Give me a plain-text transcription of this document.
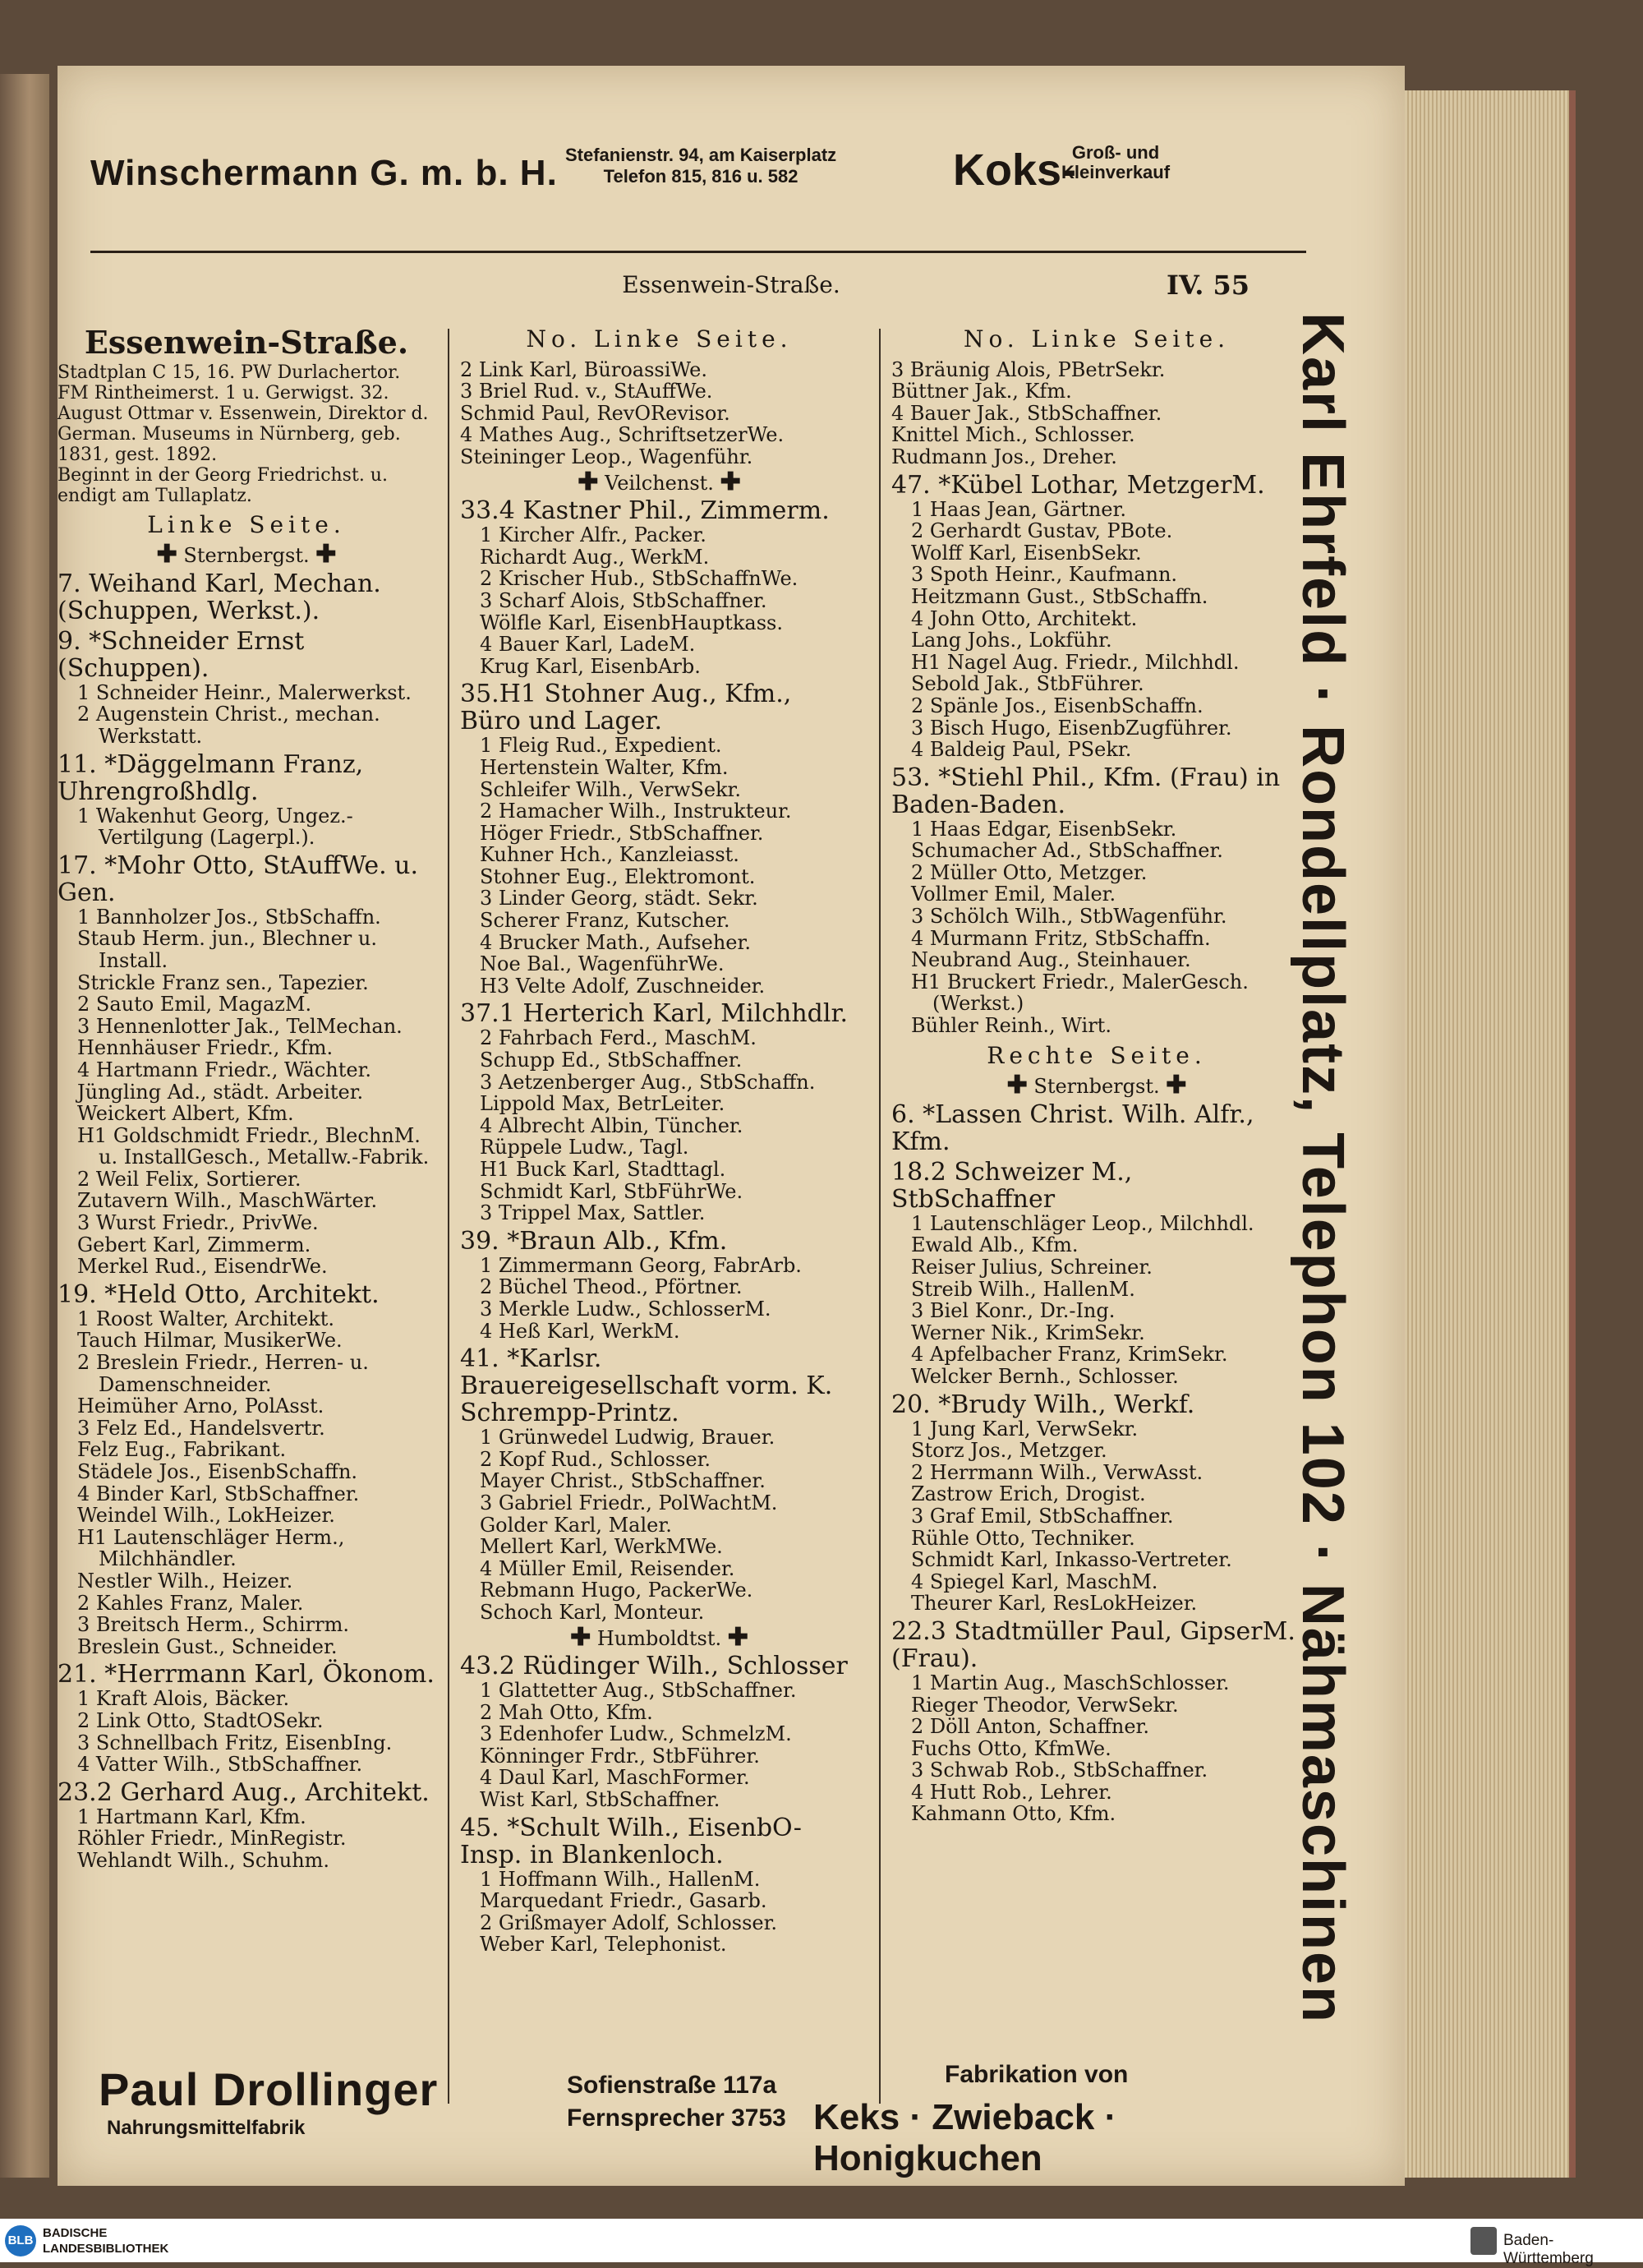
Winschermann G. m. b. H. Stefanienstr. 94, am Kaiserplatz
Telefon 815, 816 u. 582	Koks-
Groß- und
Kleinverkauf
Essenwein-Straße.	IV. 55
Essenwein-Straße.
Stadtplan C 15, 16. PW Durlachertor. FM Rintheimerst. 1 u. Gerwigst. 32.
August Ottmar v. Essenwein, Direktor d. German. Museums in Nürnberg, geb. 1831, gest. 1892.
Beginnt in der Georg Friedrichst. u. endigt am Tullaplatz.
Linke Seite.
✚ Sternbergst. ✚
7. Weihand Karl, Mechan. (Schuppen, Werkst.).
9. *Schneider Ernst (Schuppen).
1 Schneider Heinr., Malerwerkst.
2 Augenstein Christ., mechan. Werkstatt.
11. *Däggelmann Franz, Uhrengroßhdlg.
1 Wakenhut Georg, Ungez.-Vertilgung (Lagerpl.).
17. *Mohr Otto, StAuffWe. u. Gen.
1 Bannholzer Jos., StbSchaffn.
Staub Herm. jun., Blechner u. Install.
Strickle Franz sen., Tapezier.
2 Sauto Emil, MagazM.
3 Hennenlotter Jak., TelMechan.
Hennhäuser Friedr., Kfm.
4 Hartmann Friedr., Wächter.
Jüngling Ad., städt. Arbeiter.
Weickert Albert, Kfm.
H1 Goldschmidt Friedr., BlechnM. u. InstallGesch., Metallw.-Fabrik.
2 Weil Felix, Sortierer.
Zutavern Wilh., MaschWärter.
3 Wurst Friedr., PrivWe.
Gebert Karl, Zimmerm.
Merkel Rud., EisendrWe.
19. *Held Otto, Architekt.
1 Roost Walter, Architekt.
Tauch Hilmar, MusikerWe.
2 Breslein Friedr., Herren- u. Damenschneider.
Heimüher Arno, PolAsst.
3 Felz Ed., Handelsvertr.
Felz Eug., Fabrikant.
Städele Jos., EisenbSchaffn.
4 Binder Karl, StbSchaffner.
Weindel Wilh., LokHeizer.
H1 Lautenschläger Herm., Milchhändler.
Nestler Wilh., Heizer.
2 Kahles Franz, Maler.
3 Breitsch Herm., Schirrm.
Breslein Gust., Schneider.
21. *Herrmann Karl, Ökonom.
1 Kraft Alois, Bäcker.
2 Link Otto, StadtOSekr.
3 Schnellbach Fritz, EisenbIng.
4 Vatter Wilh., StbSchaffner.
23.2 Gerhard Aug., Architekt.
1 Hartmann Karl, Kfm.
Röhler Friedr., MinRegistr.
Wehlandt Wilh., Schuhm.
No. Linke Seite.
2 Link Karl, BüroassiWe.
3 Briel Rud. v., StAuffWe.
Schmid Paul, RevORevisor.
4 Mathes Aug., SchriftsetzerWe.
Steininger Leop., Wagenführ.
✚ Veilchenst. ✚
33.4 Kastner Phil., Zimmerm.
1 Kircher Alfr., Packer.
Richardt Aug., WerkM.
2 Krischer Hub., StbSchaffnWe.
3 Scharf Alois, StbSchaffner.
Wölfle Karl, EisenbHauptkass.
4 Bauer Karl, LadeM.
Krug Karl, EisenbArb.
35.H1 Stohner Aug., Kfm., Büro und Lager.
1 Fleig Rud., Expedient.
Hertenstein Walter, Kfm.
Schleifer Wilh., VerwSekr.
2 Hamacher Wilh., Instrukteur.
Höger Friedr., StbSchaffner.
Kuhner Hch., Kanzleiasst.
Stohner Eug., Elektromont.
3 Linder Georg, städt. Sekr.
Scherer Franz, Kutscher.
4 Brucker Math., Aufseher.
Noe Bal., WagenführWe.
H3 Velte Adolf, Zuschneider.
37.1 Herterich Karl, Milchhdlr.
2 Fahrbach Ferd., MaschM.
Schupp Ed., StbSchaffner.
3 Aetzenberger Aug., StbSchaffn.
Lippold Max, BetrLeiter.
4 Albrecht Albin, Tüncher.
Rüppele Ludw., Tagl.
H1 Buck Karl, Stadttagl.
Schmidt Karl, StbFührWe.
3 Trippel Max, Sattler.
39. *Braun Alb., Kfm.
1 Zimmermann Georg, FabrArb.
2 Büchel Theod., Pförtner.
3 Merkle Ludw., SchlosserM.
4 Heß Karl, WerkM.
41. *Karlsr. Brauereigesellschaft vorm. K. Schrempp-Printz.
1 Grünwedel Ludwig, Brauer.
2 Kopf Rud., Schlosser.
Mayer Christ., StbSchaffner.
3 Gabriel Friedr., PolWachtM.
Golder Karl, Maler.
Mellert Karl, WerkMWe.
4 Müller Emil, Reisender.
Rebmann Hugo, PackerWe.
Schoch Karl, Monteur.
✚ Humboldtst. ✚
43.2 Rüdinger Wilh., Schlosser
1 Glattetter Aug., StbSchaffner.
2 Mah Otto, Kfm.
3 Edenhofer Ludw., SchmelzM.
Könninger Frdr., StbFührer.
4 Daul Karl, MaschFormer.
Wist Karl, StbSchaffner.
45. *Schult Wilh., EisenbO-Insp. in Blankenloch.
1 Hoffmann Wilh., HallenM.
Marquedant Friedr., Gasarb.
2 Grißmayer Adolf, Schlosser.
Weber Karl, Telephonist.
No. Linke Seite.
3 Bräunig Alois, PBetrSekr.
Büttner Jak., Kfm.
4 Bauer Jak., StbSchaffner.
Knittel Mich., Schlosser.
Rudmann Jos., Dreher.
47. *Kübel Lothar, MetzgerM.
1 Haas Jean, Gärtner.
2 Gerhardt Gustav, PBote.
Wolff Karl, EisenbSekr.
3 Spoth Heinr., Kaufmann.
Heitzmann Gust., StbSchaffn.
4 John Otto, Architekt.
Lang Johs., Lokführ.
H1 Nagel Aug. Friedr., Milchhdl.
Sebold Jak., StbFührer.
2 Spänle Jos., EisenbSchaffn.
3 Bisch Hugo, EisenbZugführer.
4 Baldeig Paul, PSekr.
53. *Stiehl Phil., Kfm. (Frau) in Baden-Baden.
1 Haas Edgar, EisenbSekr.
Schumacher Ad., StbSchaffner.
2 Müller Otto, Metzger.
Vollmer Emil, Maler.
3 Schölch Wilh., StbWagenführ.
4 Murmann Fritz, StbSchaffn.
Neubrand Aug., Steinhauer.
H1 Bruckert Friedr., MalerGesch. (Werkst.)
Bühler Reinh., Wirt.
Rechte Seite.
✚ Sternbergst. ✚
6. *Lassen Christ. Wilh. Alfr., Kfm.
18.2 Schweizer M., StbSchaffner
1 Lautenschläger Leop., Milchhdl.
Ewald Alb., Kfm.
Reiser Julius, Schreiner.
Streib Wilh., HallenM.
3 Biel Konr., Dr.-Ing.
Werner Nik., KrimSekr.
4 Apfelbacher Franz, KrimSekr.
Welcker Bernh., Schlosser.
20. *Brudy Wilh., Werkf.
1 Jung Karl, VerwSekr.
Storz Jos., Metzger.
2 Herrmann Wilh., VerwAsst.
Zastrow Erich, Drogist.
3 Graf Emil, StbSchaffner.
Rühle Otto, Techniker.
Schmidt Karl, Inkasso-Vertreter.
4 Spiegel Karl, MaschM.
Theurer Karl, ResLokHeizer.
22.3 Stadtmüller Paul, GipserM. (Frau).
1 Martin Aug., MaschSchlosser.
Rieger Theodor, VerwSekr.
2 Döll Anton, Schaffner.
Fuchs Otto, KfmWe.
3 Schwab Rob., StbSchaffner.
4 Hutt Rob., Lehrer.
Kahmann Otto, Kfm.	Karl Ehrfeld · Rondellplatz, Telephon 102 · Nähmaschinen
Paul Drollinger
Nahrungsmittelfabrik
Sofienstraße 117a
Fernsprecher 3753
Fabrikation von
Keks · Zwieback · Honigkuchen
BLB
BADISCHE
LANDESBIBLIOTHEK	Baden-Württemberg
